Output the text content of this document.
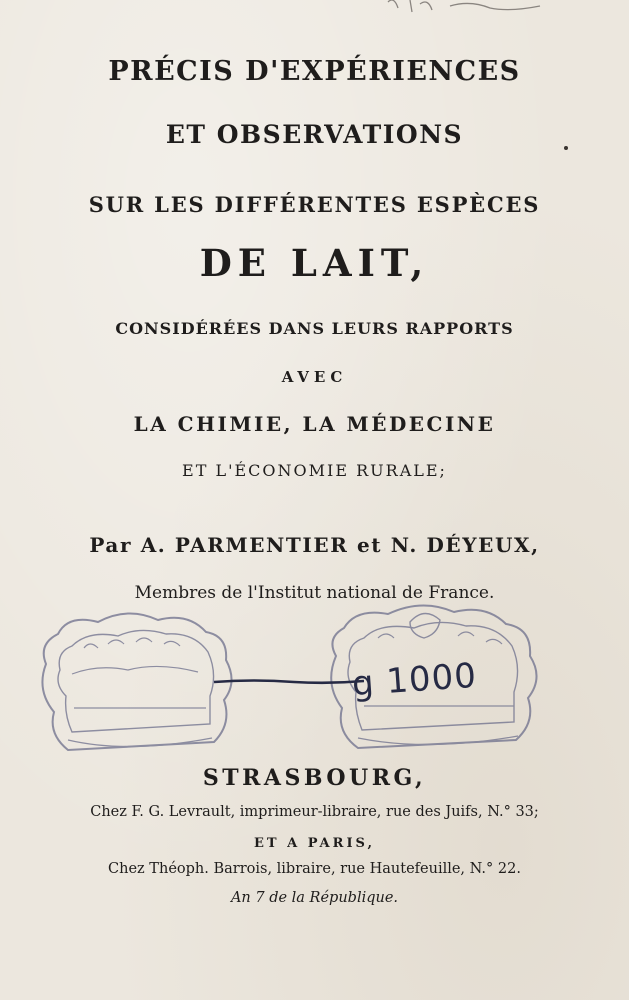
PRÉCIS D'EXPÉRIENCES
ET OBSERVATIONS
SUR LES DIFFÉRENTES ESPÈCES
DE LAIT,
CONSIDÉRÉES DANS LEURS RAPPORTS
AVEC
LA CHIMIE, LA MÉDECINE
ET L'ÉCONOMIE RURALE;
Par A. PARMENTIER et N. DÉYEUX,
Membres de l'Institut national de France.
g 1000
STRASBOURG,
Chez F. G. Levrault, imprimeur-libraire, rue des Juifs, N.° 33;
ET A PARIS,
Chez Théoph. Barrois, libraire, rue Hautefeuille, N.° 22.
An 7 de la République.
